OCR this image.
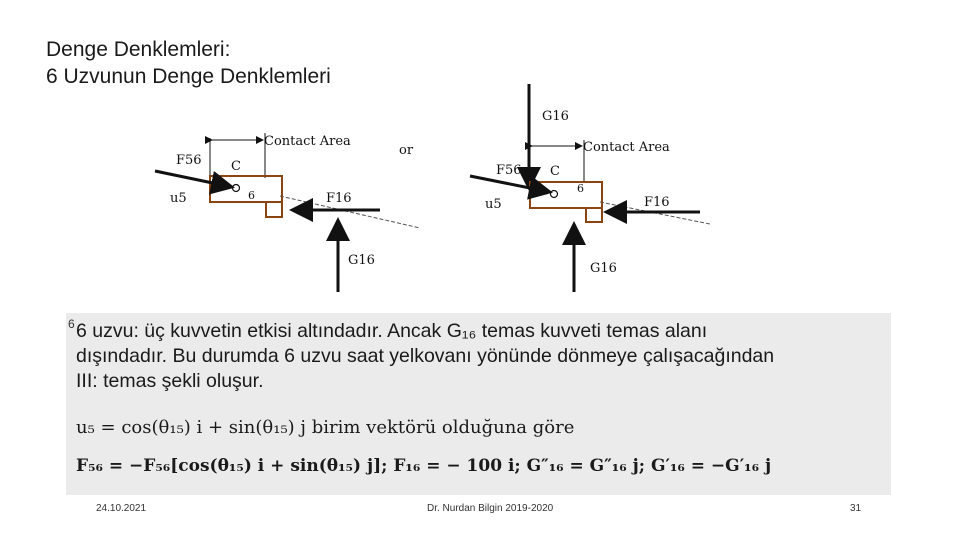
Denge Denklemleri:
6 Uzvunun Denge Denklemleri
Contact Area
C
6
F56
u5	F16
G16
or
G16
Contact Area
C
6
F56
u5	F16
G16
6 6 uzvu: üç kuvvetin etkisi altındadır. Ancak G₁₆ temas kuvveti temas alanı
dışındadır. Bu durumda 6 uzvu saat yelkovanı yönünde dönmeye çalışacağından
III: temas şekli oluşur.
u₅ = cos(θ₁₅) i + sin(θ₁₅) j birim vektörü olduğuna göre
F₅₆ = −F₅₆[cos(θ₁₅) i + sin(θ₁₅) j]; F₁₆ = − 100 i; G″₁₆ = G″₁₆ j; G′₁₆ = −G′₁₆ j
24.10.2021	Dr. Nurdan Bilgin 2019-2020	31
